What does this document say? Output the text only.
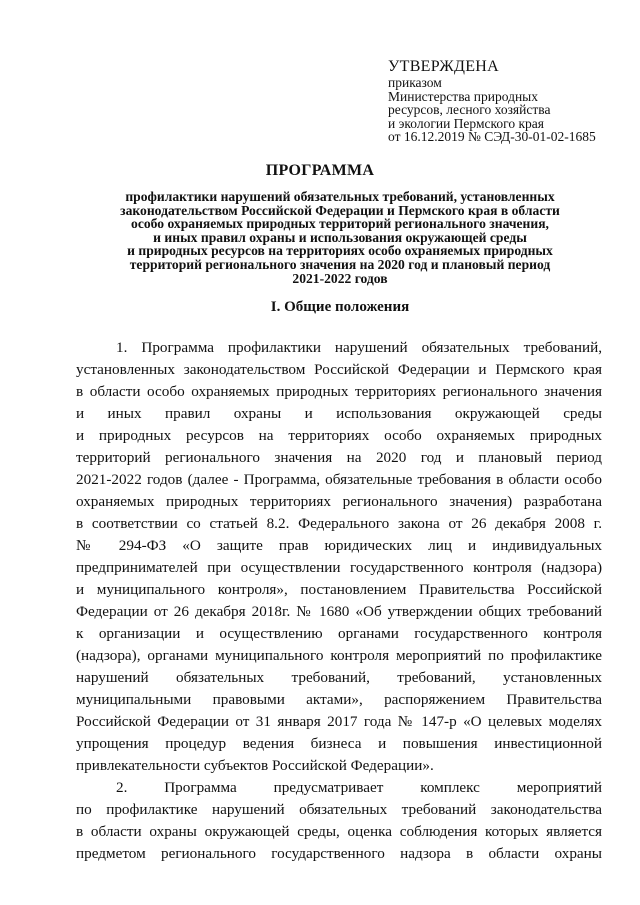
УТВЕРЖДЕНА
приказом
Министерства природных
ресурсов, лесного хозяйства
и экологии Пермского края
от 16.12.2019 № СЭД-30-01-02-1685
ПРОГРАММА
профилактики нарушений обязательных требований, установленных
законодательством Российской Федерации и Пермского края в области
особо охраняемых природных территорий регионального значения,
и иных правил охраны и использования окружающей среды
и природных ресурсов на территориях особо охраняемых природных
территорий регионального значения на 2020 год и плановый период
2021-2022 годов
I. Общие положения
1. Программа профилактики нарушений обязательных требований,
установленных законодательством Российской Федерации и Пермского края
в области особо охраняемых природных территориях регионального значения
и иных правил охраны и использования окружающей среды
и природных ресурсов на территориях особо охраняемых природных
территорий регионального значения на 2020 год и плановый период
2021-2022 годов (далее - Программа, обязательные требования в области особо
охраняемых природных территориях регионального значения) разработана
в соответствии со статьей 8.2. Федерального закона от 26 декабря 2008 г.
№ 294-ФЗ «О защите прав юридических лиц и индивидуальных
предпринимателей при осуществлении государственного контроля (надзора)
и муниципального контроля», постановлением Правительства Российской
Федерации от 26 декабря 2018г. № 1680 «Об утверждении общих требований
к организации и осуществлению органами государственного контроля
(надзора), органами муниципального контроля мероприятий по профилактике
нарушений обязательных требований, требований, установленных
муниципальными правовыми актами», распоряжением Правительства
Российской Федерации от 31 января 2017 года № 147-р «О целевых моделях
упрощения процедур ведения бизнеса и повышения инвестиционной
привлекательности субъектов Российской Федерации».
2. Программа предусматривает комплекс мероприятий
по профилактике нарушений обязательных требований законодательства
в области охраны окружающей среды, оценка соблюдения которых является
предметом регионального государственного надзора в области охраны
